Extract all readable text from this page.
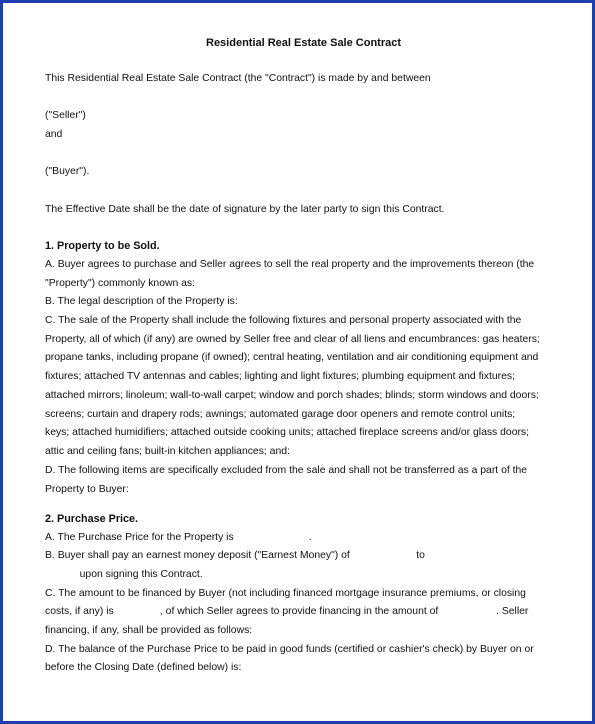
Residential Real Estate Sale Contract
This Residential Real Estate Sale Contract (the "Contract") is made by and between
("Seller")
and
("Buyer").
The Effective Date shall be the date of signature by the later party to sign this Contract.
1. Property to be Sold.
A. Buyer agrees to purchase and Seller agrees to sell the real property and the improvements thereon (the
"Property") commonly known as:
B. The legal description of the Property is:
C. The sale of the Property shall include the following fixtures and personal property associated with the
Property, all of which (if any) are owned by Seller free and clear of all liens and encumbrances: gas heaters;
propane tanks, including propane (if owned); central heating, ventilation and air conditioning equipment and
fixtures; attached TV antennas and cables; lighting and light fixtures; plumbing equipment and fixtures;
attached mirrors; linoleum; wall-to-wall carpet; window and porch shades; blinds; storm windows and doors;
screens; curtain and drapery rods; awnings; automated garage door openers and remote control units;
keys; attached humidifiers; attached outside cooking units; attached fireplace screens and/or glass doors;
attic and ceiling fans; built-in kitchen appliances; and:
D. The following items are specifically excluded from the sale and shall not be transferred as a part of the
Property to Buyer:
2. Purchase Price.
A. The Purchase Price for the Property is                          .
B. Buyer shall pay an earnest money deposit ("Earnest Money") of                       to
upon signing this Contract.
C. The amount to be financed by Buyer (not including financed mortgage insurance premiums, or closing
costs, if any) is                , of which Seller agrees to provide financing in the amount of                    . Seller
financing, if any, shall be provided as follows:
D. The balance of the Purchase Price to be paid in good funds (certified or cashier's check) by Buyer on or
before the Closing Date (defined below) is:
